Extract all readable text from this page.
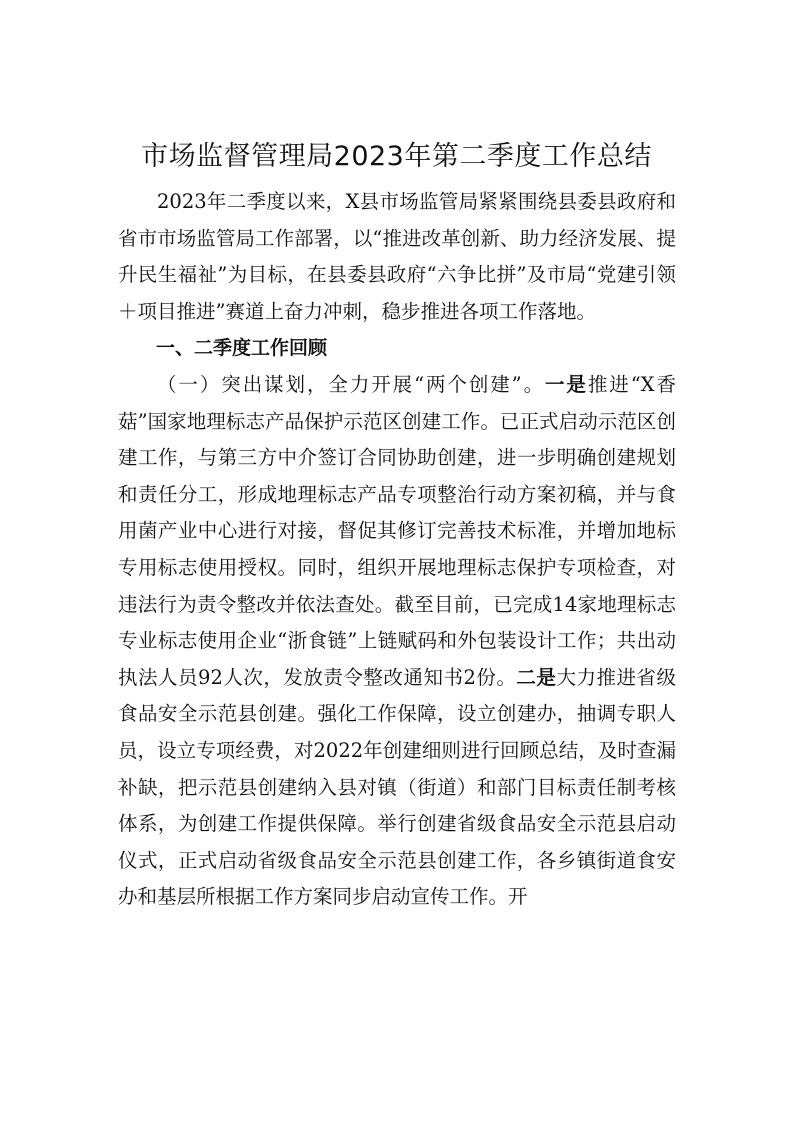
市场监督管理局2023年第二季度工作总结

2023年二季度以来，X县市场监管局紧紧围绕县委县政府和省市市场监管局工作部署，以“推进改革创新、助力经济发展、提升民生福祉”为目标，在县委县政府“六争比拼”及市局“党建引领＋项目推进”赛道上奋力冲刺，稳步推进各项工作落地。

一、二季度工作回顾

（一）突出谋划，全力开展“两个创建”。一是推进“X香菇”国家地理标志产品保护示范区创建工作。已正式启动示范区创建工作，与第三方中介签订合同协助创建，进一步明确创建规划和责任分工，形成地理标志产品专项整治行动方案初稿，并与食用菌产业中心进行对接，督促其修订完善技术标准，并增加地标专用标志使用授权。同时，组织开展地理标志保护专项检查，对违法行为责令整改并依法查处。截至目前，已完成14家地理标志专业标志使用企业“浙食链”上链赋码和外包装设计工作；共出动执法人员92人次，发放责令整改通知书2份。二是大力推进省级食品安全示范县创建。强化工作保障，设立创建办，抽调专职人员，设立专项经费，对2022年创建细则进行回顾总结，及时查漏补缺，把示范县创建纳入县对镇（街道）和部门目标责任制考核体系，为创建工作提供保障。举行创建省级食品安全示范县启动仪式，正式启动省级食品安全示范县创建工作，各乡镇街道食安办和基层所根据工作方案同步启动宣传工作。开
